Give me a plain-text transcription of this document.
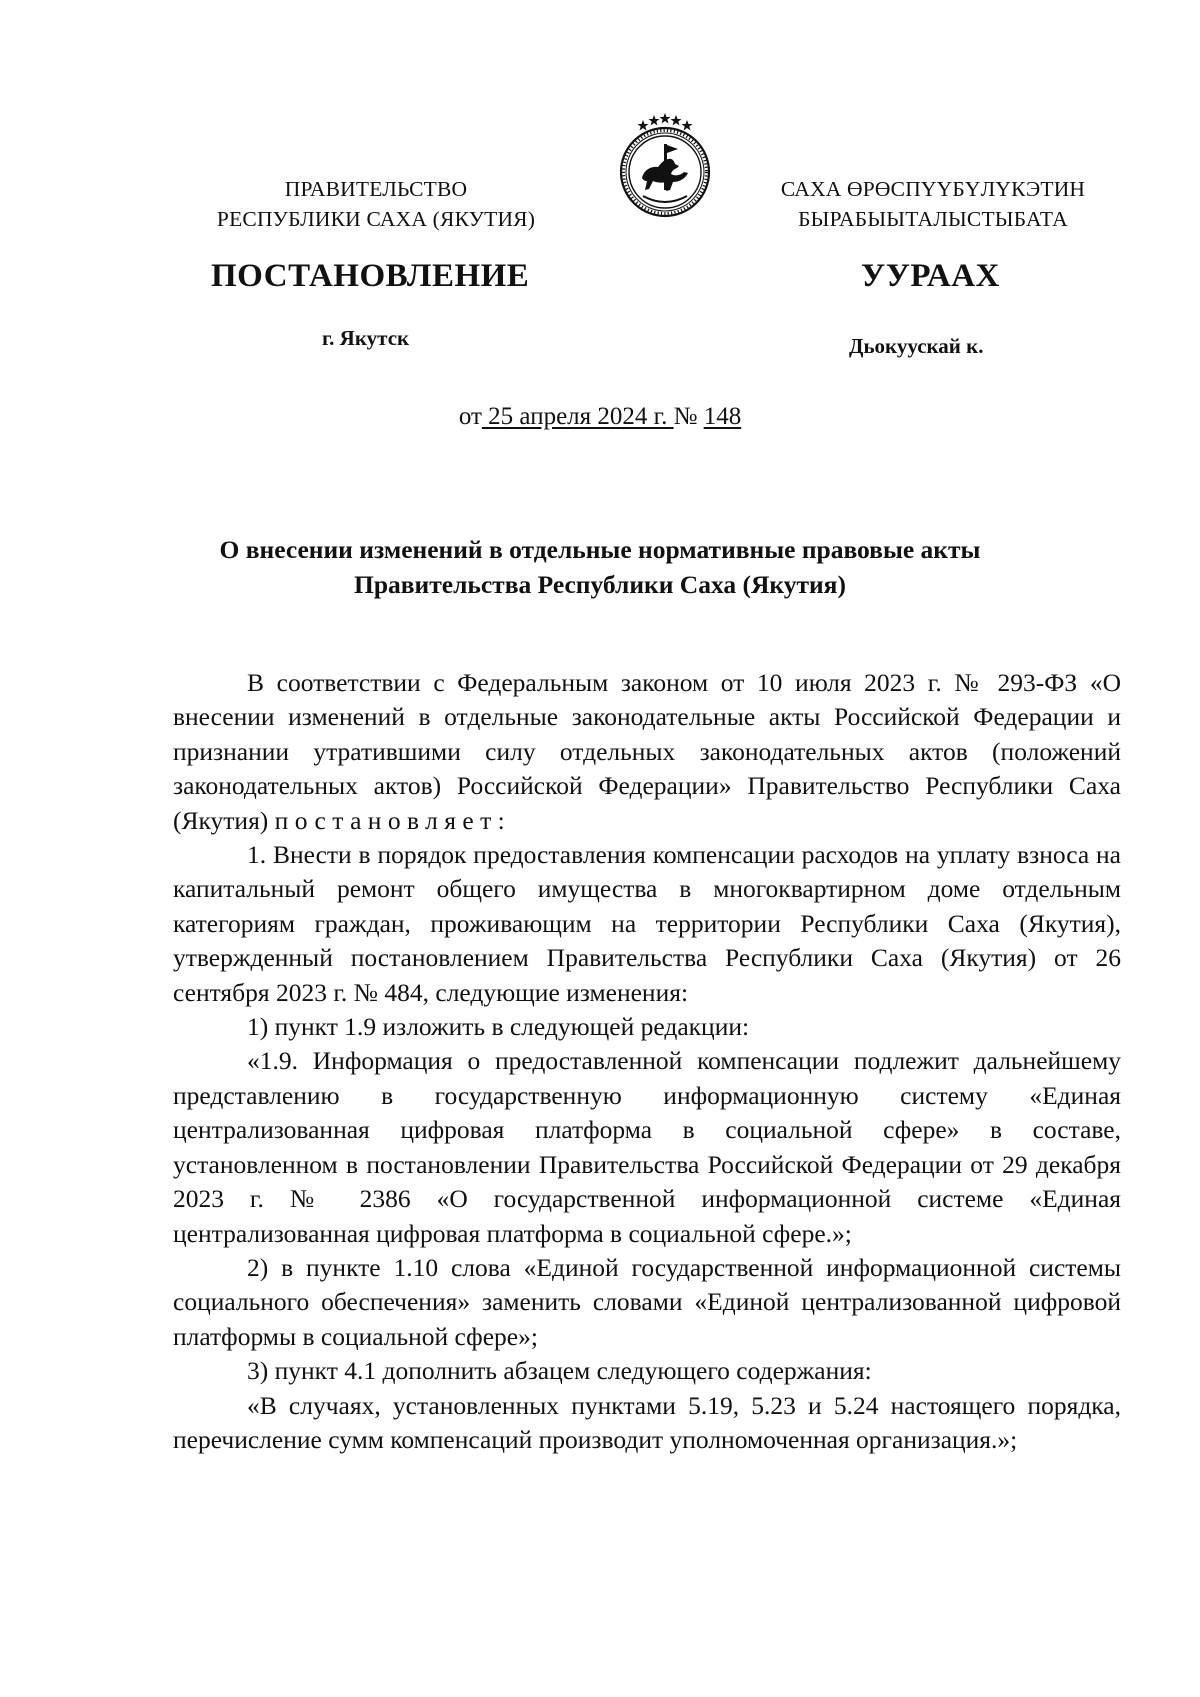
ПРАВИТЕЛЬСТВО
РЕСПУБЛИКИ САХА (ЯКУТИЯ)
САХА ӨРӨСПҮҮБҮЛҮКЭТИН
БЫРАБЫЫТАЛЫСТЫБАТА
ПОСТАНОВЛЕНИЕ	УУРААХ
г. Якутск	Дьокуускай к.
от 25 апреля 2024 г. № 148
О внесении изменений в отдельные нормативные правовые акты
Правительства Республики Саха (Якутия)
В соответствии с Федеральным законом от 10 июля 2023 г. № 293-ФЗ «О внесении изменений в отдельные законодательные акты Российской Федерации и признании утратившими силу отдельных законодательных актов (положений законодательных актов) Российской Федерации» Правительство Республики Саха (Якутия) постановляет:
1. Внести в порядок предоставления компенсации расходов на уплату взноса на капитальный ремонт общего имущества в многоквартирном доме отдельным категориям граждан, проживающим на территории Республики Саха (Якутия), утвержденный постановлением Правительства Республики Саха (Якутия) от 26 сентября 2023 г. № 484, следующие изменения:
1) пункт 1.9 изложить в следующей редакции:
«1.9. Информация о предоставленной компенсации подлежит дальнейшему представлению в государственную информационную систему «Единая централизованная цифровая платформа в социальной сфере» в составе, установленном в постановлении Правительства Российской Федерации от 29 декабря 2023 г. № 2386 «О государственной информационной системе «Единая централизованная цифровая платформа в социальной сфере.»;
2) в пункте 1.10 слова «Единой государственной информационной системы социального обеспечения» заменить словами «Единой централизованной цифровой платформы в социальной сфере»;
3) пункт 4.1 дополнить абзацем следующего содержания:
«В случаях, установленных пунктами 5.19, 5.23 и 5.24 настоящего порядка, перечисление сумм компенсаций производит уполномоченная организация.»;
